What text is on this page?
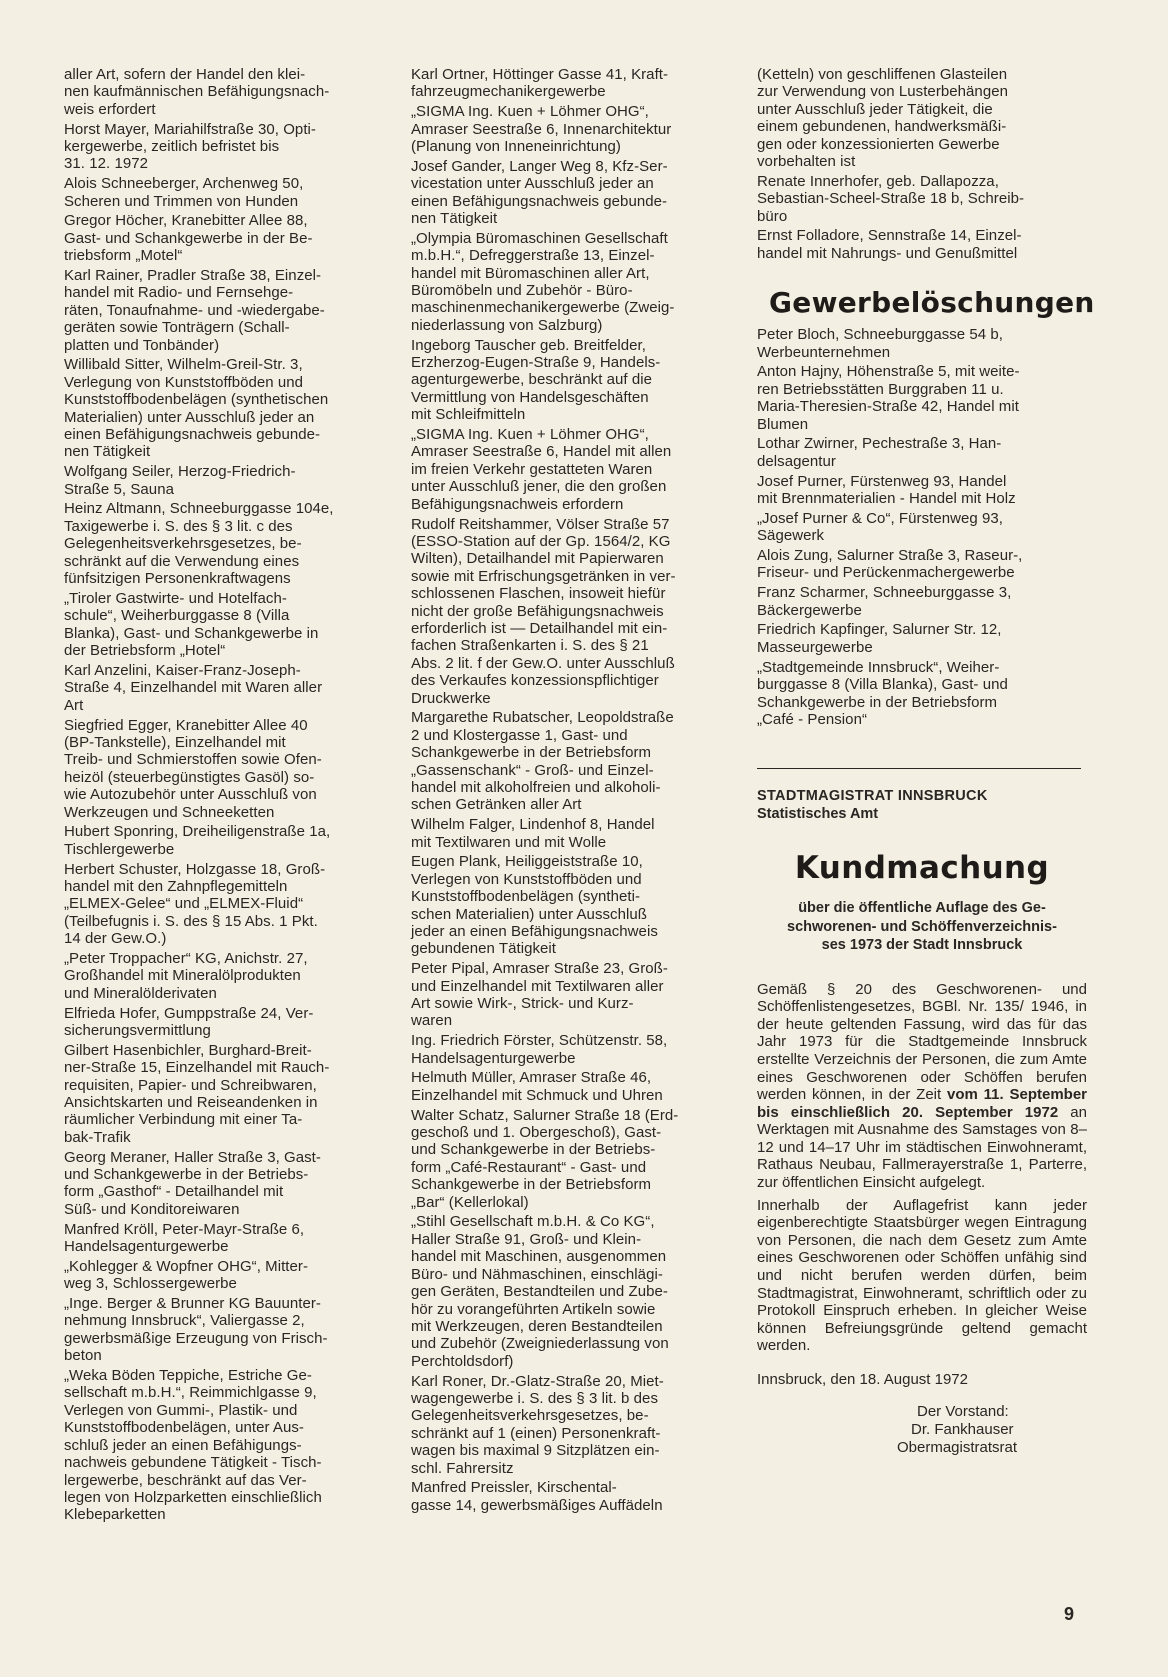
aller Art, sofern der Handel den klei-
nen kaufmännischen Befähigungsnach-
weis erfordert
Horst Mayer, Mariahilfstraße 30, Opti-
kergewerbe, zeitlich befristet bis
31. 12. 1972
Alois Schneeberger, Archenweg 50,
Scheren und Trimmen von Hunden
Gregor Höcher, Kranebitter Allee 88,
Gast- und Schankgewerbe in der Be-
triebsform „Motel“
Karl Rainer, Pradler Straße 38, Einzel-
handel mit Radio- und Fernsehge-
räten, Tonaufnahme- und -wiedergabe-
geräten sowie Tonträgern (Schall-
platten und Tonbänder)
Willibald Sitter, Wilhelm-Greil-Str. 3,
Verlegung von Kunststoffböden und
Kunststoffbodenbelägen (synthetischen
Materialien) unter Ausschluß jeder an
einen Befähigungsnachweis gebunde-
nen Tätigkeit
Wolfgang Seiler, Herzog-Friedrich-
Straße 5, Sauna
Heinz Altmann, Schneeburggasse 104e,
Taxigewerbe i. S. des § 3 lit. c des
Gelegenheitsverkehrsgesetzes, be-
schränkt auf die Verwendung eines
fünfsitzigen Personenkraftwagens
„Tiroler Gastwirte- und Hotelfach-
schule“, Weiherburggasse 8 (Villa
Blanka), Gast- und Schankgewerbe in
der Betriebsform „Hotel“
Karl Anzelini, Kaiser-Franz-Joseph-
Straße 4, Einzelhandel mit Waren aller
Art
Siegfried Egger, Kranebitter Allee 40
(BP-Tankstelle), Einzelhandel mit
Treib- und Schmierstoffen sowie Ofen-
heizöl (steuerbegünstigtes Gasöl) so-
wie Autozubehör unter Ausschluß von
Werkzeugen und Schneeketten
Hubert Sponring, Dreiheiligenstraße 1a,
Tischlergewerbe
Herbert Schuster, Holzgasse 18, Groß-
handel mit den Zahnpflegemitteln
„ELMEX-Gelee“ und „ELMEX-Fluid“
(Teilbefugnis i. S. des § 15 Abs. 1 Pkt.
14 der Gew.O.)
„Peter Troppacher“ KG, Anichstr. 27,
Großhandel mit Mineralölprodukten
und Mineralölderivaten
Elfrieda Hofer, Gumppstraße 24, Ver-
sicherungsvermittlung
Gilbert Hasenbichler, Burghard-Breit-
ner-Straße 15, Einzelhandel mit Rauch-
requisiten, Papier- und Schreibwaren,
Ansichtskarten und Reiseandenken in
räumlicher Verbindung mit einer Ta-
bak-Trafik
Georg Meraner, Haller Straße 3, Gast-
und Schankgewerbe in der Betriebs-
form „Gasthof“ - Detailhandel mit
Süß- und Konditoreiwaren
Manfred Kröll, Peter-Mayr-Straße 6,
Handelsagenturgewerbe
„Kohlegger & Wopfner OHG“, Mitter-
weg 3, Schlossergewerbe
„Inge. Berger & Brunner KG Bauunter-
nehmung Innsbruck“, Valiergasse 2,
gewerbsmäßige Erzeugung von Frisch-
beton
„Weka Böden Teppiche, Estriche Ge-
sellschaft m.b.H.“, Reimmichlgasse 9,
Verlegen von Gummi-, Plastik- und
Kunststoffbodenbelägen, unter Aus-
schluß jeder an einen Befähigungs-
nachweis gebundene Tätigkeit - Tisch-
lergewerbe, beschränkt auf das Ver-
legen von Holzparketten einschließlich
Klebeparketten
Karl Ortner, Höttinger Gasse 41, Kraft-
fahrzeugmechanikergewerbe
„SIGMA Ing. Kuen + Löhmer OHG“,
Amraser Seestraße 6, Innenarchitektur
(Planung von Inneneinrichtung)
Josef Gander, Langer Weg 8, Kfz-Ser-
vicestation unter Ausschluß jeder an
einen Befähigungsnachweis gebunde-
nen Tätigkeit
„Olympia Büromaschinen Gesellschaft
m.b.H.“, Defreggerstraße 13, Einzel-
handel mit Büromaschinen aller Art,
Büromöbeln und Zubehör - Büro-
maschinenmechanikergewerbe (Zweig-
niederlassung von Salzburg)
Ingeborg Tauscher geb. Breitfelder,
Erzherzog-Eugen-Straße 9, Handels-
agenturgewerbe, beschränkt auf die
Vermittlung von Handelsgeschäften
mit Schleifmitteln
„SIGMA Ing. Kuen + Löhmer OHG“,
Amraser Seestraße 6, Handel mit allen
im freien Verkehr gestatteten Waren
unter Ausschluß jener, die den großen
Befähigungsnachweis erfordern
Rudolf Reitshammer, Völser Straße 57
(ESSO-Station auf der Gp. 1564/2, KG
Wilten), Detailhandel mit Papierwaren
sowie mit Erfrischungsgetränken in ver-
schlossenen Flaschen, insoweit hiefür
nicht der große Befähigungsnachweis
erforderlich ist — Detailhandel mit ein-
fachen Straßenkarten i. S. des § 21
Abs. 2 lit. f der Gew.O. unter Ausschluß
des Verkaufes konzessionspflichtiger
Druckwerke
Margarethe Rubatscher, Leopoldstraße
2 und Klostergasse 1, Gast- und
Schankgewerbe in der Betriebsform
„Gassenschank“ - Groß- und Einzel-
handel mit alkoholfreien und alkoholi-
schen Getränken aller Art
Wilhelm Falger, Lindenhof 8, Handel
mit Textilwaren und mit Wolle
Eugen Plank, Heiliggeiststraße 10,
Verlegen von Kunststoffböden und
Kunststoffbodenbelägen (syntheti-
schen Materialien) unter Ausschluß
jeder an einen Befähigungsnachweis
gebundenen Tätigkeit
Peter Pipal, Amraser Straße 23, Groß-
und Einzelhandel mit Textilwaren aller
Art sowie Wirk-, Strick- und Kurz-
waren
Ing. Friedrich Förster, Schützenstr. 58,
Handelsagenturgewerbe
Helmuth Müller, Amraser Straße 46,
Einzelhandel mit Schmuck und Uhren
Walter Schatz, Salurner Straße 18 (Erd-
geschoß und 1. Obergeschoß), Gast-
und Schankgewerbe in der Betriebs-
form „Café-Restaurant“ - Gast- und
Schankgewerbe in der Betriebsform
„Bar“ (Kellerlokal)
„Stihl Gesellschaft m.b.H. & Co KG“,
Haller Straße 91, Groß- und Klein-
handel mit Maschinen, ausgenommen
Büro- und Nähmaschinen, einschlägi-
gen Geräten, Bestandteilen und Zube-
hör zu vorangeführten Artikeln sowie
mit Werkzeugen, deren Bestandteilen
und Zubehör (Zweigniederlassung von
Perchtoldsdorf)
Karl Roner, Dr.-Glatz-Straße 20, Miet-
wagengewerbe i. S. des § 3 lit. b des
Gelegenheitsverkehrsgesetzes, be-
schränkt auf 1 (einen) Personenkraft-
wagen bis maximal 9 Sitzplätzen ein-
schl. Fahrersitz
Manfred Preissler, Kirschental-
gasse 14, gewerbsmäßiges Auffädeln
(Ketteln) von geschliffenen Glasteilen
zur Verwendung von Lusterbehängen
unter Ausschluß jeder Tätigkeit, die
einem gebundenen, handwerksmäßi-
gen oder konzessionierten Gewerbe
vorbehalten ist
Renate Innerhofer, geb. Dallapozza,
Sebastian-Scheel-Straße 18 b, Schreib-
büro
Ernst Folladore, Sennstraße 14, Einzel-
handel mit Nahrungs- und Genußmittel
Gewerbelöschungen
Peter Bloch, Schneeburggasse 54 b,
Werbeunternehmen
Anton Hajny, Höhenstraße 5, mit weite-
ren Betriebsstätten Burggraben 11 u.
Maria-Theresien-Straße 42, Handel mit
Blumen
Lothar Zwirner, Pechestraße 3, Han-
delsagentur
Josef Purner, Fürstenweg 93, Handel
mit Brennmaterialien - Handel mit Holz
„Josef Purner & Co“, Fürstenweg 93,
Sägewerk
Alois Zung, Salurner Straße 3, Raseur-,
Friseur- und Perückenmachergewerbe
Franz Scharmer, Schneeburggasse 3,
Bäckergewerbe
Friedrich Kapfinger, Salurner Str. 12,
Masseurgewerbe
„Stadtgemeinde Innsbruck“, Weiher-
burggasse 8 (Villa Blanka), Gast- und
Schankgewerbe in der Betriebsform
„Café - Pension“
STADTMAGISTRAT INNSBRUCK
Statistisches Amt
Kundmachung
über die öffentliche Auflage des Ge-
schworenen- und Schöffenverzeichnis-
ses 1973 der Stadt Innsbruck
Gemäß § 20 des Geschworenen- und Schöffenlistengesetzes, BGBl. Nr. 135/ 1946, in der heute geltenden Fassung, wird das für das Jahr 1973 für die Stadtgemeinde Innsbruck erstellte Verzeichnis der Personen, die zum Amte eines Geschworenen oder Schöffen berufen werden können, in der Zeit vom 11. September bis einschließlich 20. September 1972 an Werktagen mit Ausnahme des Samstages von 8–12 und 14–17 Uhr im städtischen Einwohneramt, Rathaus Neubau, Fallmerayerstraße 1, Parterre, zur öffentlichen Einsicht aufgelegt.
Innerhalb der Auflagefrist kann jeder eigenberechtigte Staatsbürger wegen Eintragung von Personen, die nach dem Gesetz zum Amte eines Geschworenen oder Schöffen unfähig sind und nicht berufen werden dürfen, beim Stadtmagistrat, Einwohneramt, schriftlich oder zu Protokoll Einspruch erheben. In gleicher Weise können Befreiungsgründe geltend gemacht werden.
Innsbruck, den 18. August 1972
Der Vorstand:
Dr. Fankhauser
Obermagistratsrat
9
